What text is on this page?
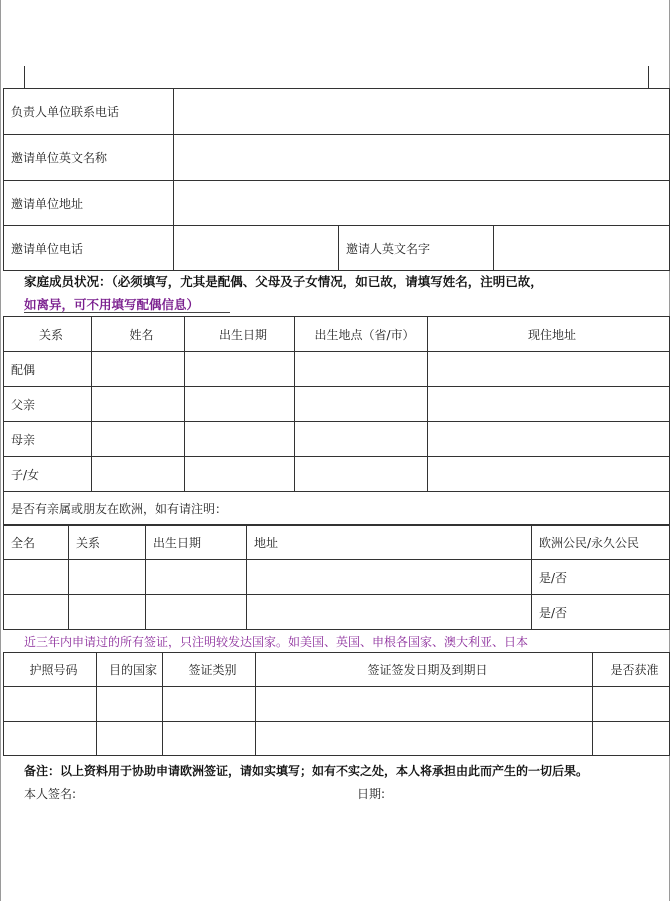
负责人单位联系电话			
邀请单位英文名称			
邀请单位地址			
邀请单位电话		邀请人英文名字	
家庭成员状况：（必须填写，尤其是配偶、父母及子女情况，如已故，请填写姓名，注明已故，
如离异，可不用填写配偶信息）
关系	姓名	出生日期	出生地点（省/市）	现住地址
配偶				
父亲				
母亲				
子/女				
是否有亲属或朋友在欧洲，如有请注明：				
全名	关系	出生日期	地址	欧洲公民/永久公民
				是/否
				是/否
近三年内申请过的所有签证，只注明较发达国家。如美国、英国、申根各国家、澳大利亚、日本
护照号码	目的国家	签证类别	签证签发日期及到期日	是否获准

备注：以上资料用于协助申请欧洲签证，请如实填写；如有不实之处，本人将承担由此而产生的一切后果。
本人签名:	日期:
